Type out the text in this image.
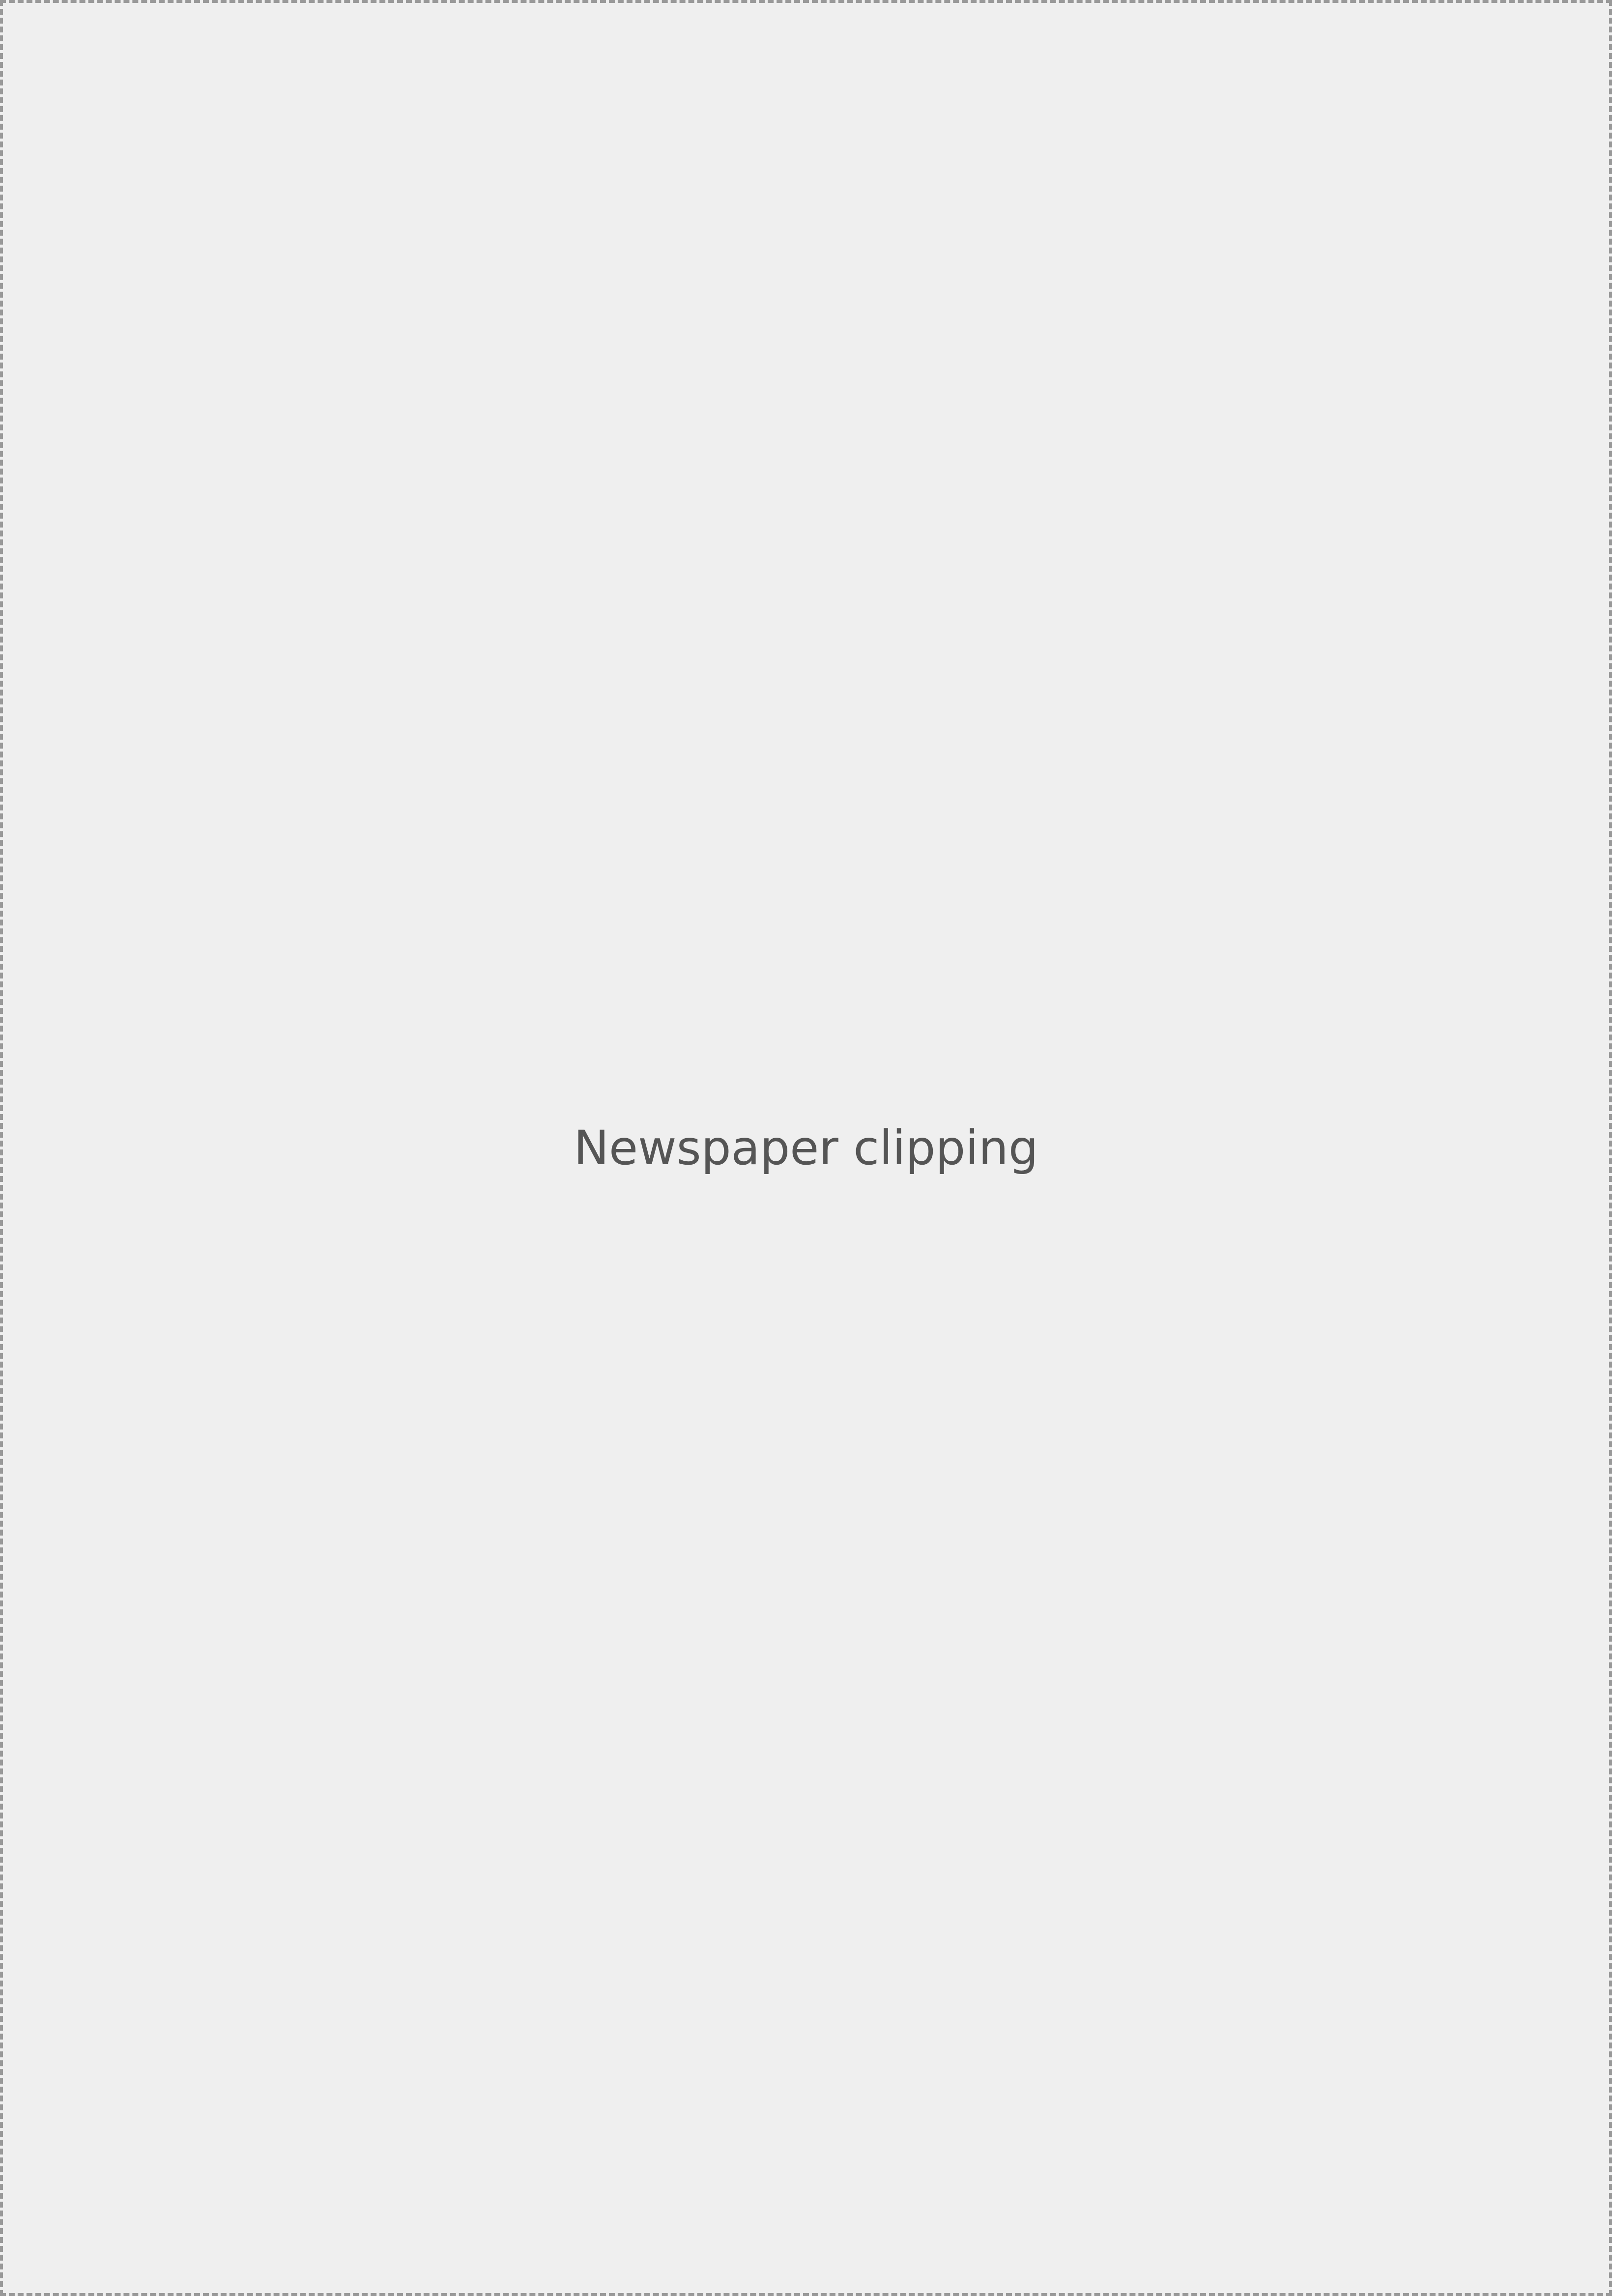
Newspaper clipping
